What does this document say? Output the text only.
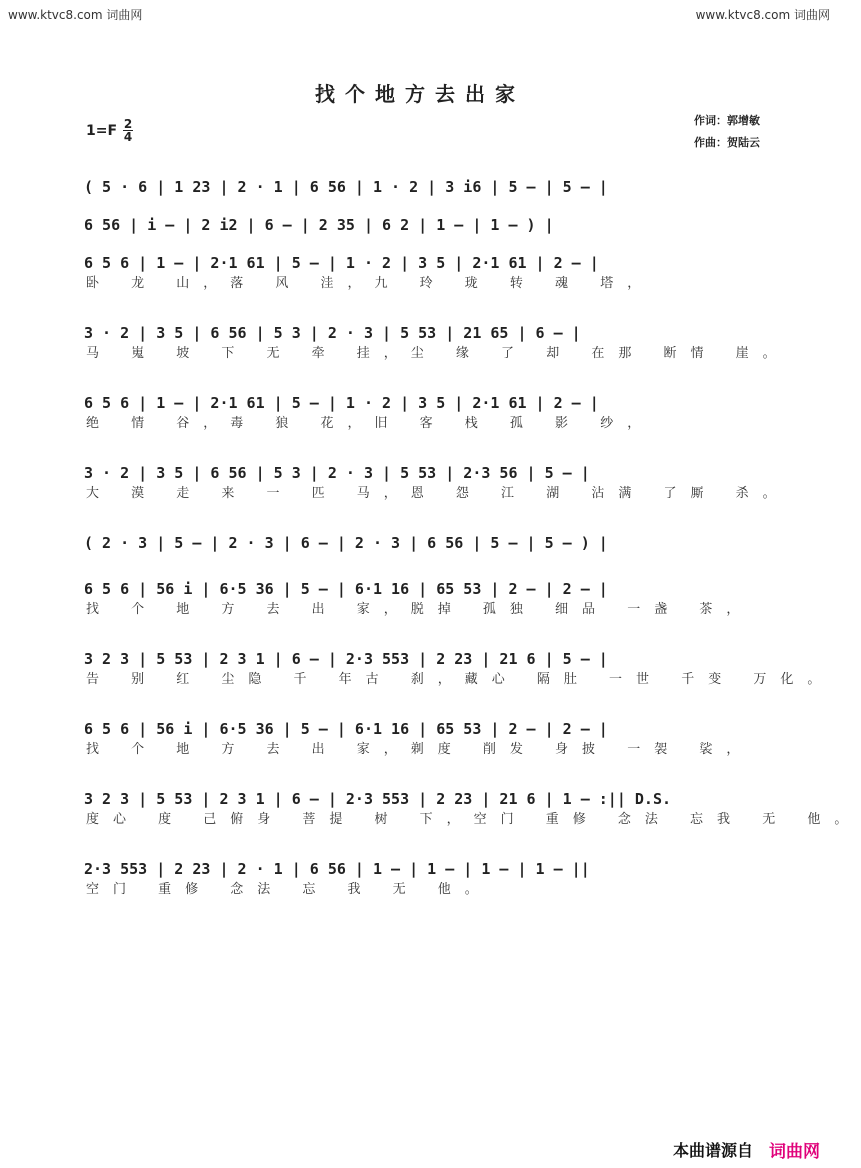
www.ktvc8.com 词曲网	www.ktvc8.com 词曲网
找个地方去出家
$1=F \frac{2}{4}$	作词：郭增敏
作曲：贺陆云
( 5 · 6 | 1 23 | 2 · 1 | 6 56 | 1 · 2 | 3 i6 | 5 — | 5 — |
6 56 | i — | 2 i2 | 6 — | 2 35 | 6 2 | 1 — | 1 — ) |
6 5 6 | 1 — | 2·1 61 | 5 — | 1 · 2 | 3 5 | 2·1 61 | 2 — |
卧 龙 山，落 风 洼，九 玲 珑 转 魂 塔，
3 · 2 | 3 5 | 6 56 | 5 3 | 2 · 3 | 5 53 | 21 65 | 6 — |
马 嵬 坡 下 无 牵 挂，尘 缘 了 却 在那 断情 崖。
6 5 6 | 1 — | 2·1 61 | 5 — | 1 · 2 | 3 5 | 2·1 61 | 2 — |
绝 情 谷，毒 狼 花，旧 客 栈 孤 影 纱，
3 · 2 | 3 5 | 6 56 | 5 3 | 2 · 3 | 5 53 | 2·3 56 | 5 — |
大 漠 走 来 一 匹 马，恩 怨 江 湖 沾满 了厮 杀。
( 2 · 3 | 5 — | 2 · 3 | 6 — | 2 · 3 | 6 56 | 5 — | 5 — ) |
6 5 6 | 56 i | 6·5 36 | 5 — | 6·1 16 | 65 53 | 2 — | 2 — |
找 个 地 方 去 出 家，脱掉 孤独 细品 一盏 茶，
3 2 3 | 5 53 | 2 3 1 | 6 — | 2·3 553 | 2 23 | 21 6 | 5 — |
告 别 红 尘隐 千 年古 刹，藏心 隔肚 一世 千变 万化。
6 5 6 | 56 i | 6·5 36 | 5 — | 6·1 16 | 65 53 | 2 — | 2 — |
找 个 地 方 去 出 家，剃度 削发 身披 一袈 裟，
3 2 3 | 5 53 | 2 3 1 | 6 — | 2·3 553 | 2 23 | 21 6 | 1 — :|| D.S.
度心 度 己俯身 菩提 树 下，空门 重修 念法 忘我 无 他。
2·3 553 | 2 23 | 2 · 1 | 6 56 | 1 — | 1 — | 1 — | 1 — ||
空门 重修 念法 忘 我 无 他。
本曲谱源自 词曲网
